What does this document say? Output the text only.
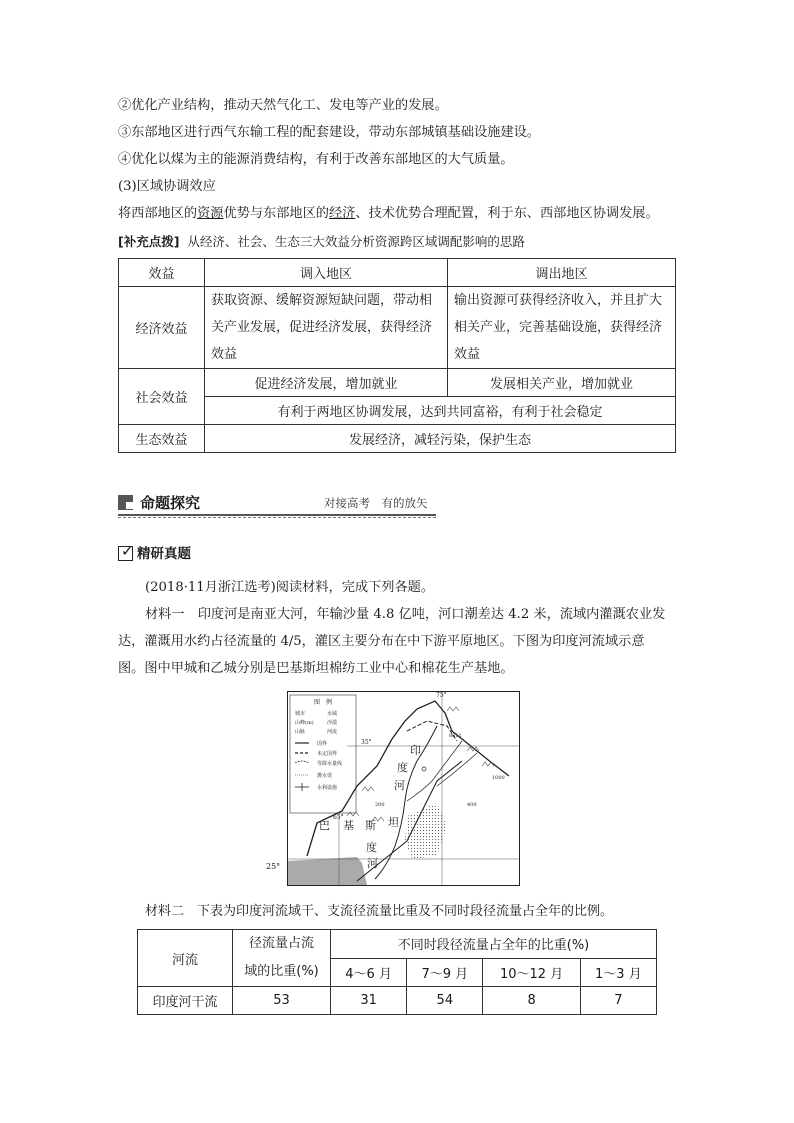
②优化产业结构，推动天然气化工、发电等产业的发展。
③东部地区进行西气东输工程的配套建设，带动东部城镇基础设施建设。
④优化以煤为主的能源消费结构，有利于改善东部地区的大气质量。
(3)区域协调效应
将西部地区的资源优势与东部地区的经济、技术优势合理配置，利于东、西部地区协调发展。
[补充点拨] 从经济、社会、生态三大效益分析资源跨区域调配影响的思路
效益	调入地区	调出地区
经济效益	获取资源、缓解资源短缺问题，带动相关产业发展，促进经济发展，获得经济效益	输出资源可获得经济收入，并且扩大相关产业，完善基础设施，获得经济效益
社会效益	促进经济发展，增加就业	发展相关产业，增加就业
	有利于两地区协调发展，达到共同富裕，有利于社会稳定	
生态效益	发展经济，减轻污染，保护生态	
命题探究	对接高考　有的放矢
✓ 精研真题
(2018·11月浙江选考)阅读材料，完成下列各题。
材料一　印度河是南亚大河，年输沙量 4.8 亿吨，河口潮差达 4.2 米，流域内灌溉农业发
达，灌溉用水约占径流量的 4/5，灌区主要分布在中下游平原地区。下图为印度河流域示意
图。图中甲城和乙城分别是巴基斯坦棉纺工业中心和棉花生产基地。
图　例
城市	水域
山峰(m)	沙漠
山脉	河流
国界
未定国界
等降水量线
灌水渠
水利设施
35°
75°
65°
印
度
河
巴 基 斯 坦
度
河
8611
1000
400
200
25°
材料二　下表为印度河流域干、支流径流量比重及不同时段径流量占全年的比例。
河流	径流量占流
域的比重(%)	不同时段径流量占全年的比重(%)			
		4～6 月	7～9 月	10～12 月	1～3 月
印度河干流	53	31	54	8	7
